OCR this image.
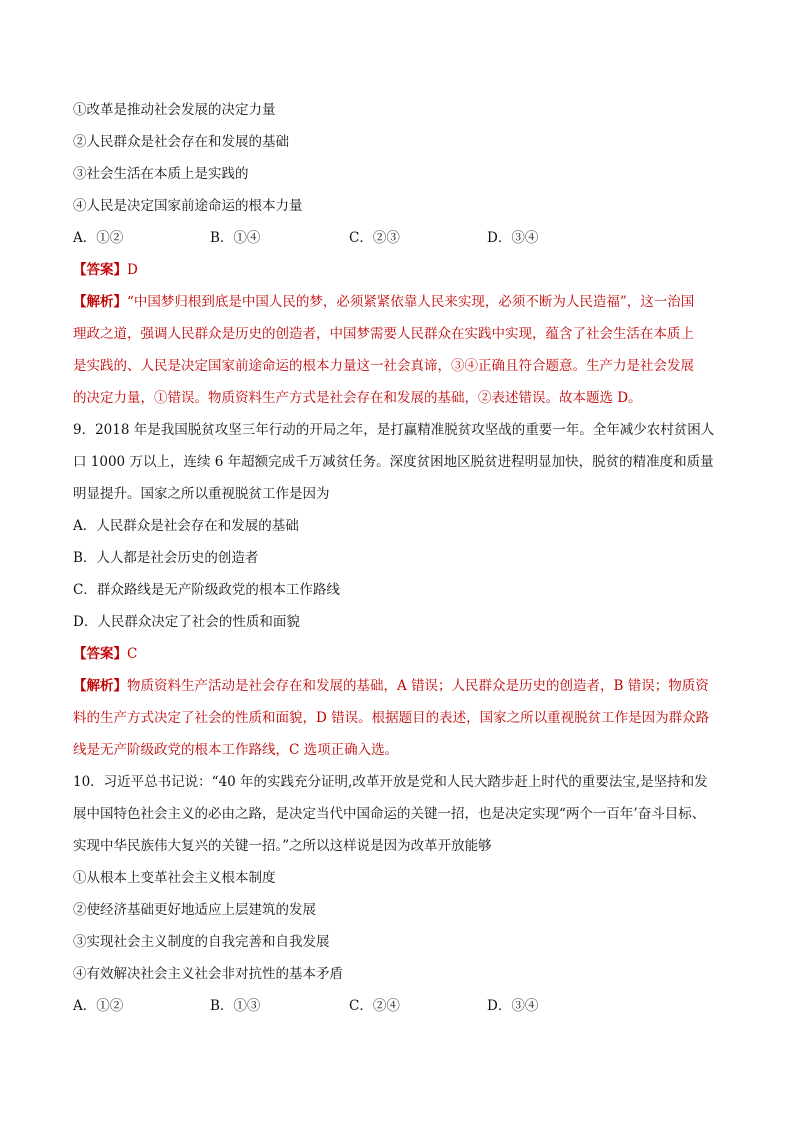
①改革是推动社会发展的决定力量
②人民群众是社会存在和发展的基础
③社会生活在本质上是实践的
④人民是决定国家前途命运的根本力量
A．①②	B．①④	C．②③	D．③④
【答案】D
【解析】“中国梦归根到底是中国人民的梦，必须紧紧依靠人民来实现，必须不断为人民造福”，这一治国
理政之道，强调人民群众是历史的创造者，中国梦需要人民群众在实践中实现，蕴含了社会生活在本质上
是实践的、人民是决定国家前途命运的根本力量这一社会真谛，③④正确且符合题意。生产力是社会发展
的决定力量，①错误。物质资料生产方式是社会存在和发展的基础，②表述错误。故本题选 D。
9．2018 年是我国脱贫攻坚三年行动的开局之年，是打赢精准脱贫攻坚战的重要一年。全年减少农村贫困人
口 1000 万以上，连续 6 年超额完成千万减贫任务。深度贫困地区脱贫进程明显加快，脱贫的精准度和质量
明显提升。国家之所以重视脱贫工作是因为
A．人民群众是社会存在和发展的基础
B．人人都是社会历史的创造者
C．群众路线是无产阶级政党的根本工作路线
D．人民群众决定了社会的性质和面貌
【答案】C
【解析】物质资料生产活动是社会存在和发展的基础，A 错误；人民群众是历史的创造者，B 错误；物质资
料的生产方式决定了社会的性质和面貌，D 错误。根据题目的表述，国家之所以重视脱贫工作是因为群众路
线是无产阶级政党的根本工作路线，C 选项正确入选。
10．习近平总书记说：“40 年的实践充分证明,改革开放是党和人民大踏步赶上时代的重要法宝,是坚持和发
展中国特色社会主义的必由之路，是决定当代中国命运的关键一招，也是决定实现“两个一百年’奋斗目标、
实现中华民族伟大复兴的关键一招。”之所以这样说是因为改革开放能够
①从根本上变革社会主义根本制度
②使经济基础更好地适应上层建筑的发展
③实现社会主义制度的自我完善和自我发展
④有效解决社会主义社会非对抗性的基本矛盾
A．①②	B．①③	C．②④	D．③④
